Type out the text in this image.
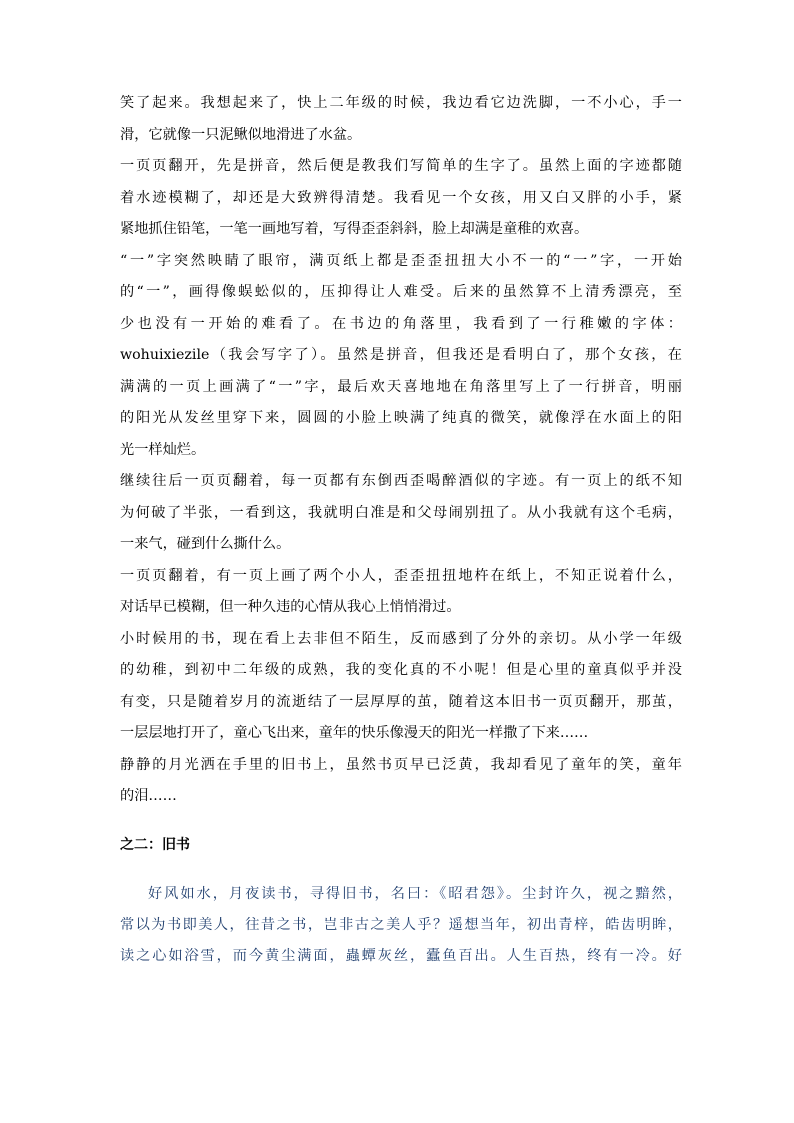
笑了起来。我想起来了，快上二年级的时候，我边看它边洗脚，一不小心，手一
滑，它就像一只泥鳅似地滑进了水盆。

一页页翻开，先是拼音，然后便是教我们写简单的生字了。虽然上面的字迹都随
着水迹模糊了，却还是大致辨得清楚。我看见一个女孩，用又白又胖的小手，紧
紧地抓住铅笔，一笔一画地写着，写得歪歪斜斜，脸上却满是童稚的欢喜。

“一”字突然映睛了眼帘，满页纸上都是歪歪扭扭大小不一的“一”字，一开始
的“一”，画得像蜈蚣似的，压抑得让人难受。后来的虽然算不上清秀漂亮，至
少也没有一开始的难看了。在书边的角落里，我看到了一行稚嫩的字体：
wohuixiezile（我会写字了）。虽然是拼音，但我还是看明白了，那个女孩，在
满满的一页上画满了“一”字，最后欢天喜地地在角落里写上了一行拼音，明丽
的阳光从发丝里穿下来，圆圆的小脸上映满了纯真的微笑，就像浮在水面上的阳
光一样灿烂。

继续往后一页页翻着，每一页都有东倒西歪喝醉酒似的字迹。有一页上的纸不知
为何破了半张，一看到这，我就明白准是和父母闹别扭了。从小我就有这个毛病，
一来气，碰到什么撕什么。

一页页翻着，有一页上画了两个小人，歪歪扭扭地杵在纸上，不知正说着什么，
对话早已模糊，但一种久违的心情从我心上悄悄滑过。

小时候用的书，现在看上去非但不陌生，反而感到了分外的亲切。从小学一年级
的幼稚，到初中二年级的成熟，我的变化真的不小呢！但是心里的童真似乎并没
有变，只是随着岁月的流逝结了一层厚厚的茧，随着这本旧书一页页翻开，那茧，
一层层地打开了，童心飞出来，童年的快乐像漫天的阳光一样撒了下来……

静静的月光洒在手里的旧书上，虽然书页早已泛黄，我却看见了童年的笑，童年
的泪……

之二：旧书
好风如水，月夜读书，寻得旧书，名曰：《昭君怨》。尘封许久，视之黯然，
常以为书即美人，往昔之书，岂非古之美人乎？遥想当年，初出青梓，皓齿明眸，
读之心如浴雪，而今黄尘满面，蟲蟫灰丝，蠹鱼百出。人生百热，终有一冷。好
